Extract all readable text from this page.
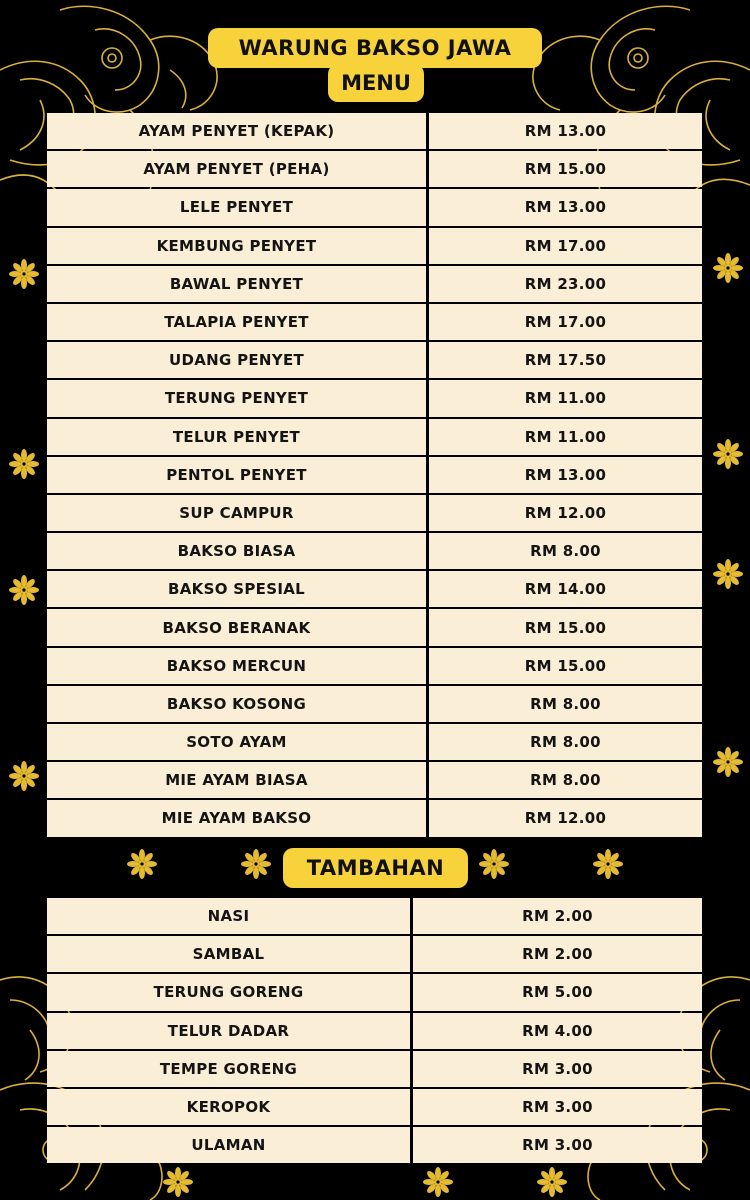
WARUNG BAKSO JAWA
MENU
AYAM PENYET (KEPAK)	RM 13.00
AYAM PENYET (PEHA)	RM 15.00
LELE PENYET	RM 13.00
KEMBUNG PENYET	RM 17.00
BAWAL PENYET	RM 23.00
TALAPIA PENYET	RM 17.00
UDANG PENYET	RM 17.50
TERUNG PENYET	RM 11.00
TELUR PENYET	RM 11.00
PENTOL PENYET	RM 13.00
SUP CAMPUR	RM 12.00
BAKSO BIASA	RM 8.00
BAKSO SPESIAL	RM 14.00
BAKSO BERANAK	RM 15.00
BAKSO MERCUN	RM 15.00
BAKSO KOSONG	RM 8.00
SOTO AYAM	RM 8.00
MIE AYAM BIASA	RM 8.00
MIE AYAM BAKSO	RM 12.00
TAMBAHAN
NASI	RM 2.00
SAMBAL	RM 2.00
TERUNG GORENG	RM 5.00
TELUR DADAR	RM 4.00
TEMPE GORENG	RM 3.00
KEROPOK	RM 3.00
ULAMAN	RM 3.00
